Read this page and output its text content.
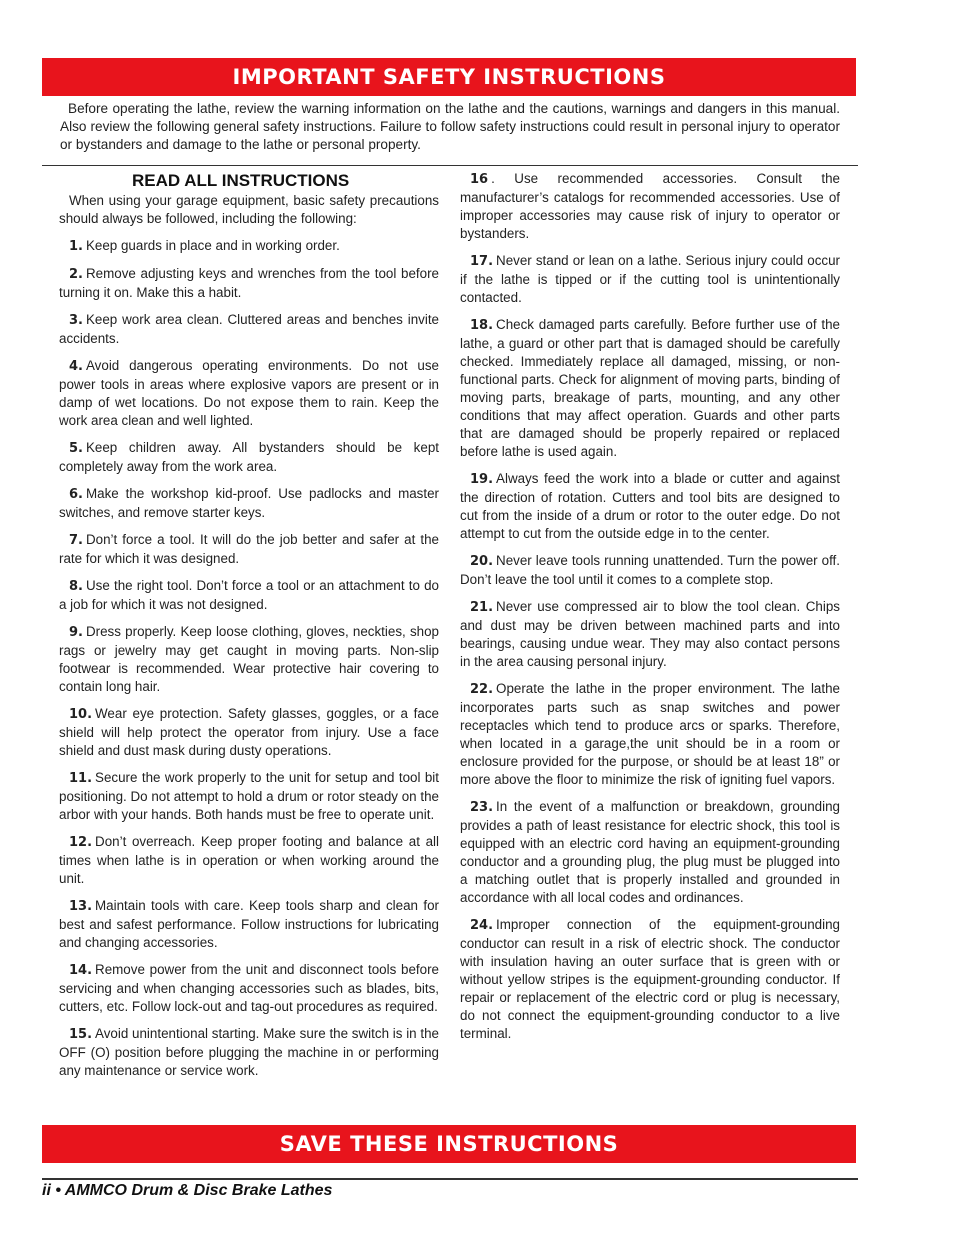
IMPORTANT SAFETY INSTRUCTIONS

Before operating the lathe, review the warning information on the lathe and the cautions, warnings and dangers in this manual. Also review the following general safety instructions. Failure to follow safety instructions could result in personal injury to operator or bystanders and damage to the lathe or personal property.

READ ALL INSTRUCTIONS

When using your garage equipment, basic safety precautions should always be followed, including the following:

1. Keep guards in place and in working order.

2. Remove adjusting keys and wrenches from the tool before turning it on. Make this a habit.

3. Keep work area clean. Cluttered areas and benches invite accidents.

4. Avoid dangerous operating environments. Do not use power tools in areas where explosive vapors are present or in damp of wet locations. Do not expose them to rain. Keep the work area clean and well lighted.

5. Keep children away. All bystanders should be kept completely away from the work area.

6. Make the workshop kid-proof. Use padlocks and master switches, and remove starter keys.

7. Don’t force a tool. It will do the job better and safer at the rate for which it was designed.

8. Use the right tool. Don’t force a tool or an attachment to do a job for which it was not designed.

9. Dress properly. Keep loose clothing, gloves, neckties, shop rags or jewelry may get caught in moving parts. Non-slip footwear is recommended. Wear protective hair covering to contain long hair.

10. Wear eye protection. Safety glasses, goggles, or a face shield will help protect the operator from injury. Use a face shield and dust mask during dusty operations.

11. Secure the work properly to the unit for setup and tool bit positioning. Do not attempt to hold a drum or rotor steady on the arbor with your hands. Both hands must be free to operate unit.

12. Don’t overreach. Keep proper footing and balance at all times when lathe is in operation or when working around the unit.

13. Maintain tools with care. Keep tools sharp and clean for best and safest performance. Follow instructions for lubricating and changing accessories.

14. Remove power from the unit and disconnect tools before servicing and when changing accessories such as blades, bits, cutters, etc. Follow lock-out and tag-out procedures as required.

15. Avoid unintentional starting. Make sure the switch is in the OFF (O) position before plugging the machine in or performing any maintenance or service work.

16 . Use recommended accessories. Consult the manufacturer’s catalogs for recommended accessories. Use of improper accessories may cause risk of injury to operator or bystanders.

17. Never stand or lean on a lathe. Serious injury could occur if the lathe is tipped or if the cutting tool is unintentionally contacted.

18. Check damaged parts carefully. Before further use of the lathe, a guard or other part that is damaged should be carefully checked. Immediately replace all damaged, missing, or non-functional parts. Check for alignment of moving parts, binding of moving parts, breakage of parts, mounting, and any other conditions that may affect operation. Guards and other parts that are damaged should be properly repaired or replaced before lathe is used again.

19. Always feed the work into a blade or cutter and against the direction of rotation. Cutters and tool bits are designed to cut from the inside of a drum or rotor to the outer edge. Do not attempt to cut from the outside edge in to the center.

20. Never leave tools running unattended. Turn the power off. Don’t leave the tool until it comes to a complete stop.

21. Never use compressed air to blow the tool clean. Chips and dust may be driven between machined parts and into bearings, causing undue wear. They may also contact persons in the area causing personal injury.

22. Operate the lathe in the proper environment. The lathe incorporates parts such as snap switches and power receptacles which tend to produce arcs or sparks. Therefore, when located in a garage,the unit should be in a room or enclosure provided for the purpose, or should be at least 18” or more above the floor to minimize the risk of igniting fuel vapors.

23. In the event of a malfunction or breakdown, grounding provides a path of least resistance for electric shock, this tool is equipped with an electric cord having an equipment-grounding conductor and a grounding plug, the plug must be plugged into a matching outlet that is properly installed and grounded in accordance with all local codes and ordinances.

24. Improper connection of the equipment-grounding conductor can result in a risk of electric shock. The conductor with insulation having an outer surface that is green with or without yellow stripes is the equipment-grounding conductor. If repair or replacement of the electric cord or plug is necessary, do not connect the equipment-grounding conductor to a live terminal.

SAVE THESE INSTRUCTIONS
ii • AMMCO Drum & Disc Brake Lathes
